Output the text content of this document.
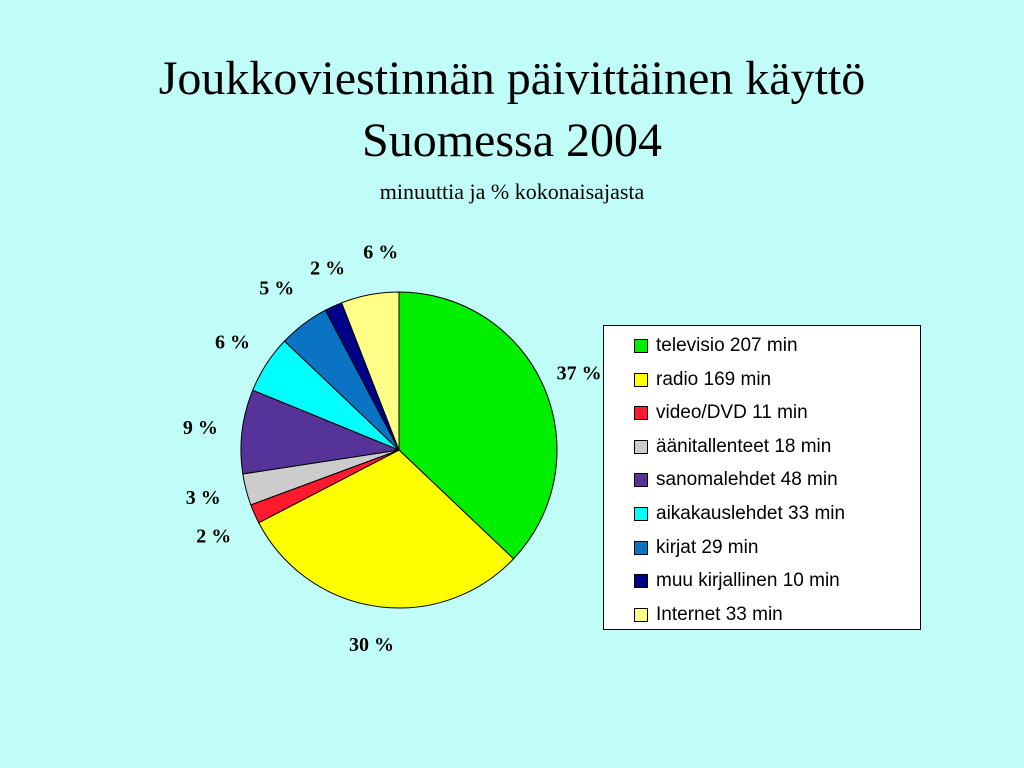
Joukkoviestinnän päivittäinen käyttö
Suomessa 2004
minuuttia ja % kokonaisajasta
37 %
30 %
2 %
3 %
9 %
6 %
5 %
2 %
6 %
televisio 207 min
radio 169 min
video/DVD 11 min
äänitallenteet 18 min
sanomalehdet 48 min
aikakauslehdet 33 min
kirjat 29 min
muu kirjallinen 10 min
Internet 33 min
